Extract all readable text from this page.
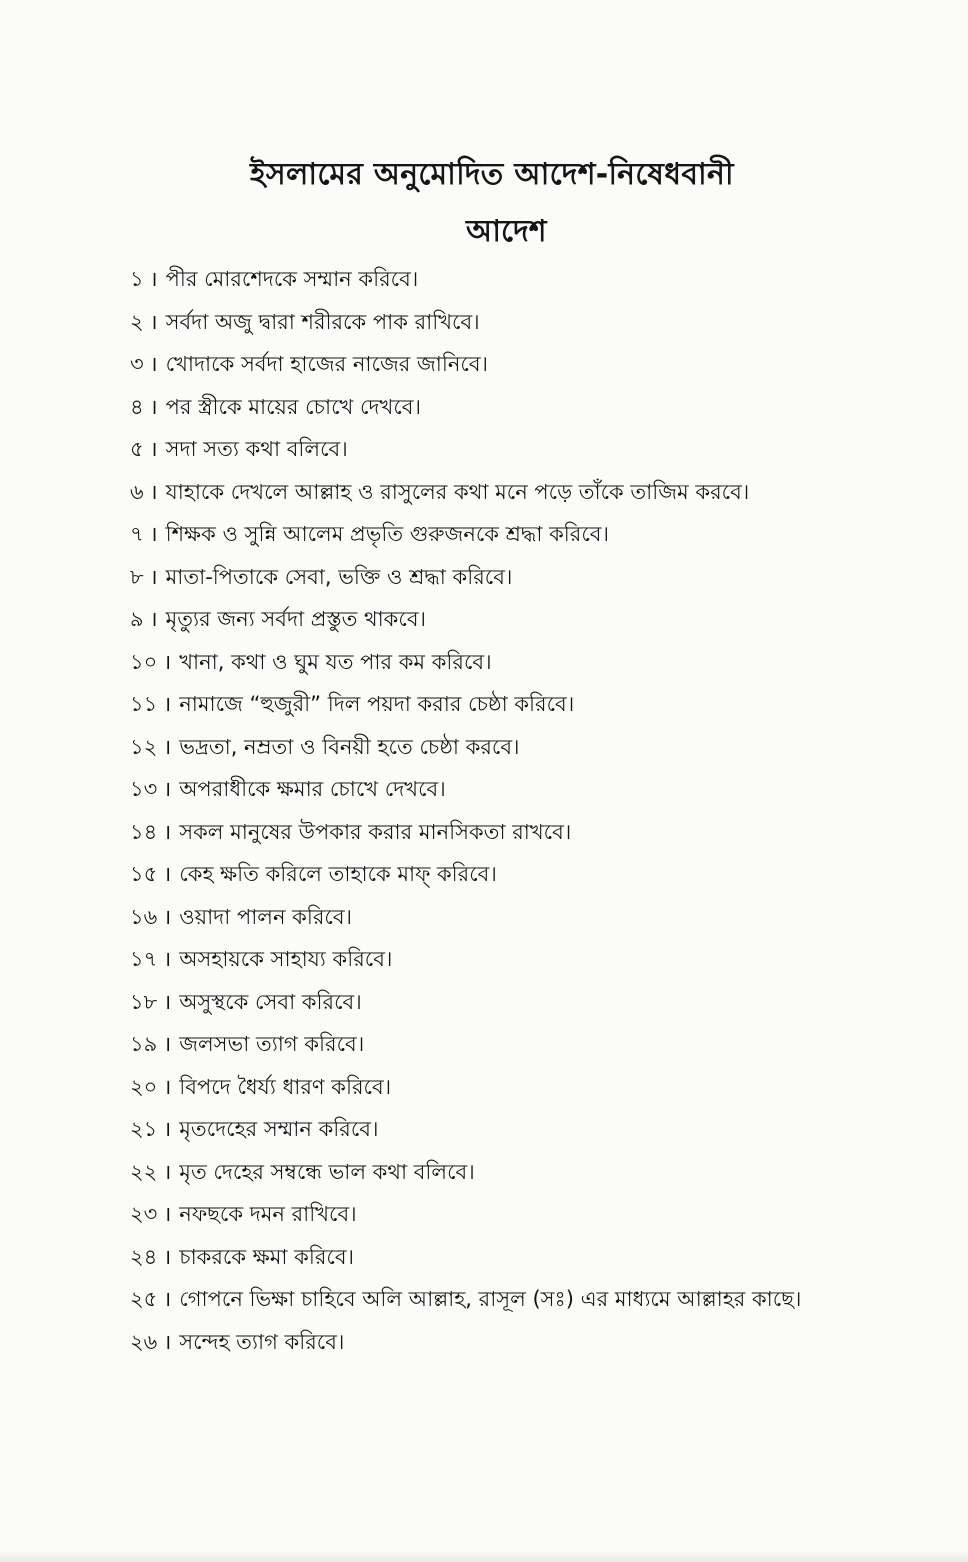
ইসলামের অনুমোদিত আদেশ-নিষেধবানী
আদেশ
১ । পীর মোরশেদকে সম্মান করিবে।
২ । সর্বদা অজু দ্বারা শরীরকে পাক রাখিবে।
৩ । খোদাকে সর্বদা হাজের নাজের জানিবে।
৪ । পর স্ত্রীকে মায়ের চোখে দেখবে।
৫ । সদা সত্য কথা বলিবে।
৬ । যাহাকে দেখলে আল্লাহ ও রাসুলের কথা মনে পড়ে তাঁকে তাজিম করবে।
৭ । শিক্ষক ও সুন্নি আলেম প্রভৃতি গুরুজনকে শ্রদ্ধা করিবে।
৮ । মাতা-পিতাকে সেবা, ভক্তি ও শ্রদ্ধা করিবে।
৯ । মৃত্যুর জন্য সর্বদা প্রস্তুত থাকবে।
১০ । খানা, কথা ও ঘুম যত পার কম করিবে।
১১ । নামাজে “হুজুরী” দিল পয়দা করার চেষ্ঠা করিবে।
১২ । ভদ্রতা, নম্রতা ও বিনয়ী হতে চেষ্ঠা করবে।
১৩ । অপরাধীকে ক্ষমার চোখে দেখবে।
১৪ । সকল মানুষের উপকার করার মানসিকতা রাখবে।
১৫ । কেহ ক্ষতি করিলে তাহাকে মাফ্ করিবে।
১৬ । ওয়াদা পালন করিবে।
১৭ । অসহায়কে সাহায্য করিবে।
১৮ । অসুস্থকে সেবা করিবে।
১৯ । জলসভা ত্যাগ করিবে।
২০ । বিপদে ধৈর্য্য ধারণ করিবে।
২১ । মৃতদেহের সম্মান করিবে।
২২ । মৃত দেহের সম্বন্ধে ভাল কথা বলিবে।
২৩ । নফছকে দমন রাখিবে।
২৪ । চাকরকে ক্ষমা করিবে।
২৫ । গোপনে ভিক্ষা চাহিবে অলি আল্লাহ, রাসূল (সঃ) এর মাধ্যমে আল্লাহর কাছে।
২৬ । সন্দেহ ত্যাগ করিবে।
